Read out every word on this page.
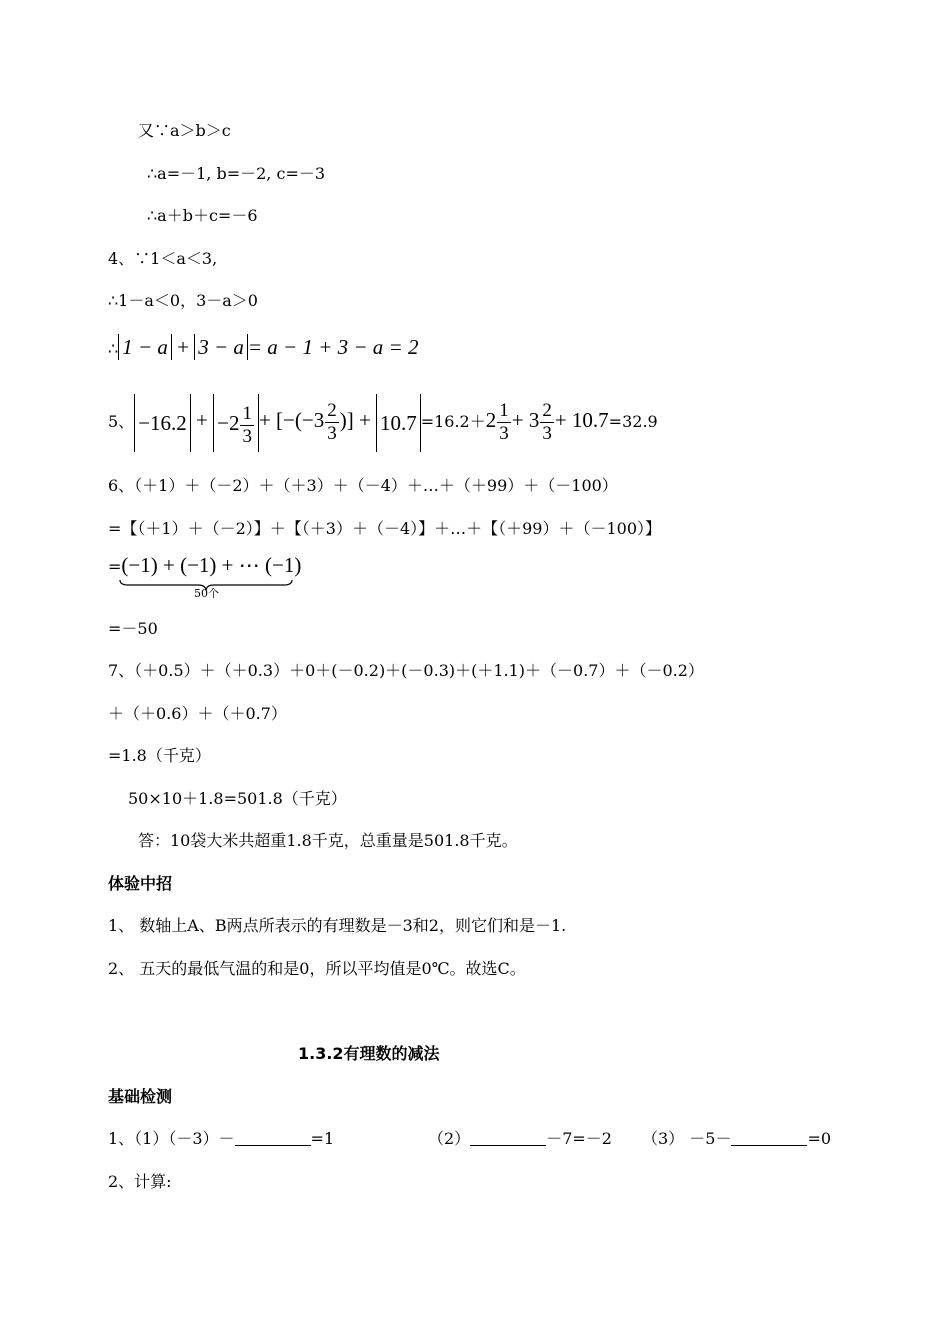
又∵a＞b＞c
∴a=－1, b=－2, c=－3
∴a＋b＋c=－6
4、∵1＜a＜3,
∴1－a＜0，3－a＞0
∴ 1 − a + 3 − a = a − 1 + 3 − a = 2
5、 $-16.2 + -2 \frac{1}{3} + [-(-3 \frac{2}{3}$ )] + $10.7 =16.2+2 \frac{1}{3} + 3 \frac{2}{3} + 10.7=32.9$
6、（＋1）＋（－2）＋（＋3）＋（－4）＋…＋（＋99）＋（－100）
=【（＋1）＋（－2）】＋【（＋3）＋（－4）】＋…＋【（＋99）＋（－100）】
=(−1) + (−1) + ⋯ (−1)
50个
=－50
7、（＋0.5）＋（＋0.3）＋0＋(－0.2)＋(－0.3)＋(＋1.1)＋（－0.7）＋（－0.2）
＋（＋0.6）＋（＋0.7）
=1.8（千克）
50×10＋1.8=501.8（千克）
答：10袋大米共超重1.8千克，总重量是501.8千克。
体验中招
1、 数轴上A、B两点所表示的有理数是－3和2，则它们和是－1.
2、 五天的最低气温的和是0，所以平均值是0℃。故选C。
1.3.2有理数的减法
基础检测
1、（1）（－3）－	=1	（2）	－7=－2 （3） －5－	=0
2、计算:
